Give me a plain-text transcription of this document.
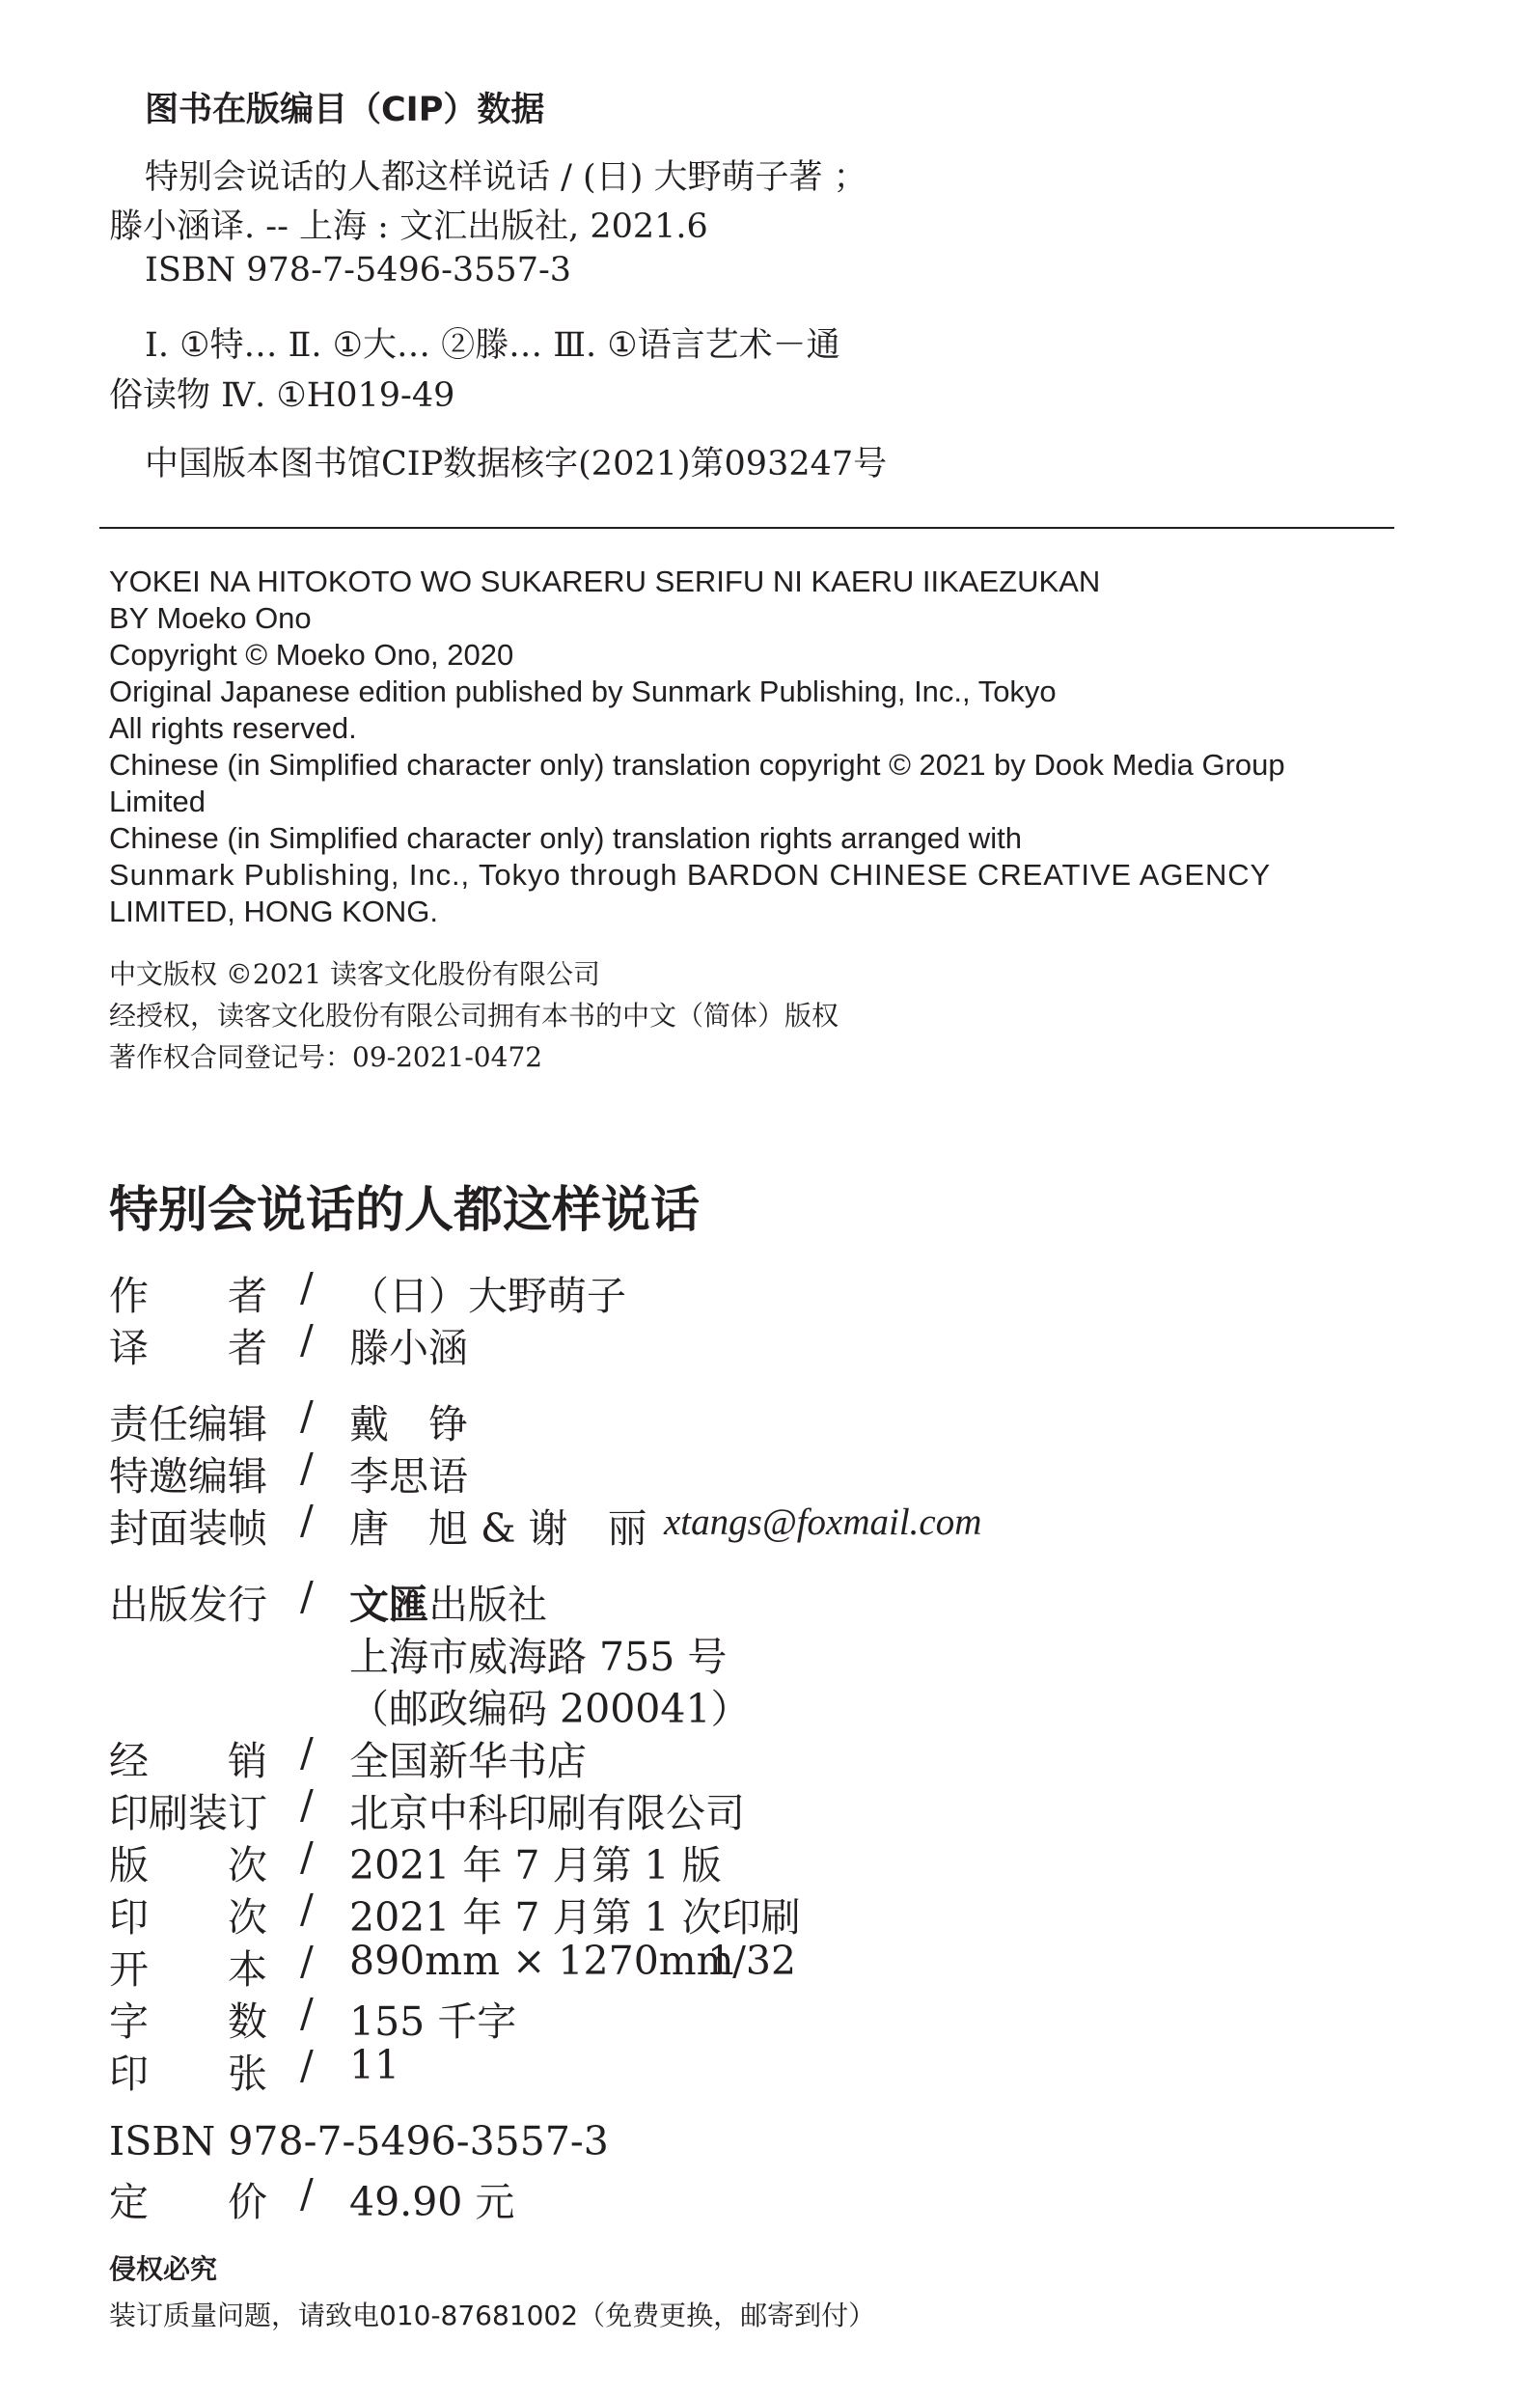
图书在版编目（CIP）数据
特别会说话的人都这样说话 / (日) 大野萌子著 ；
滕小涵译. -- 上海 : 文汇出版社, 2021.6
ISBN 978-7-5496-3557-3
Ⅰ. ①特… Ⅱ. ①大… ②滕… Ⅲ. ①语言艺术－通
俗读物 Ⅳ. ①H019-49
中国版本图书馆CIP数据核字(2021)第093247号
YOKEI NA HITOKOTO WO SUKARERU SERIFU NI KAERU IIKAEZUKAN
BY Moeko Ono
Copyright © Moeko Ono, 2020
Original Japanese edition published by Sunmark Publishing, Inc., Tokyo
All rights reserved.
Chinese (in Simplified character only) translation copyright © 2021 by Dook Media Group
Limited
Chinese (in Simplified character only) translation rights arranged with
Sunmark Publishing, Inc., Tokyo through BARDON CHINESE CREATIVE AGENCY
LIMITED, HONG KONG.
中文版权 ©2021 读客文化股份有限公司
经授权，读客文化股份有限公司拥有本书的中文（简体）版权
著作权合同登记号：09-2021-0472
特别会说话的人都这样说话
作　　者 / （日）大野萌子
译　　者 / 滕小涵
责任编辑 / 戴　铮
特邀编辑 / 李思语
封面装帧 / 唐　旭 & 谢　丽 xtangs@foxmail.com
出版发行 / 文匯出版社
上海市威海路 755 号
（邮政编码 200041）
经　　销 / 全国新华书店
印刷装订 / 北京中科印刷有限公司
版　　次 / 2021 年 7 月第 1 版
印　　次 / 2021 年 7 月第 1 次印刷
开　　本 / 890mm × 1270mm
1/32
字　　数 / 155 千字
印　　张 / 11
ISBN 978-7-5496-3557-3
定　　价 / 49.90 元
侵权必究
装订质量问题，请致电010-87681002（免费更换，邮寄到付）
